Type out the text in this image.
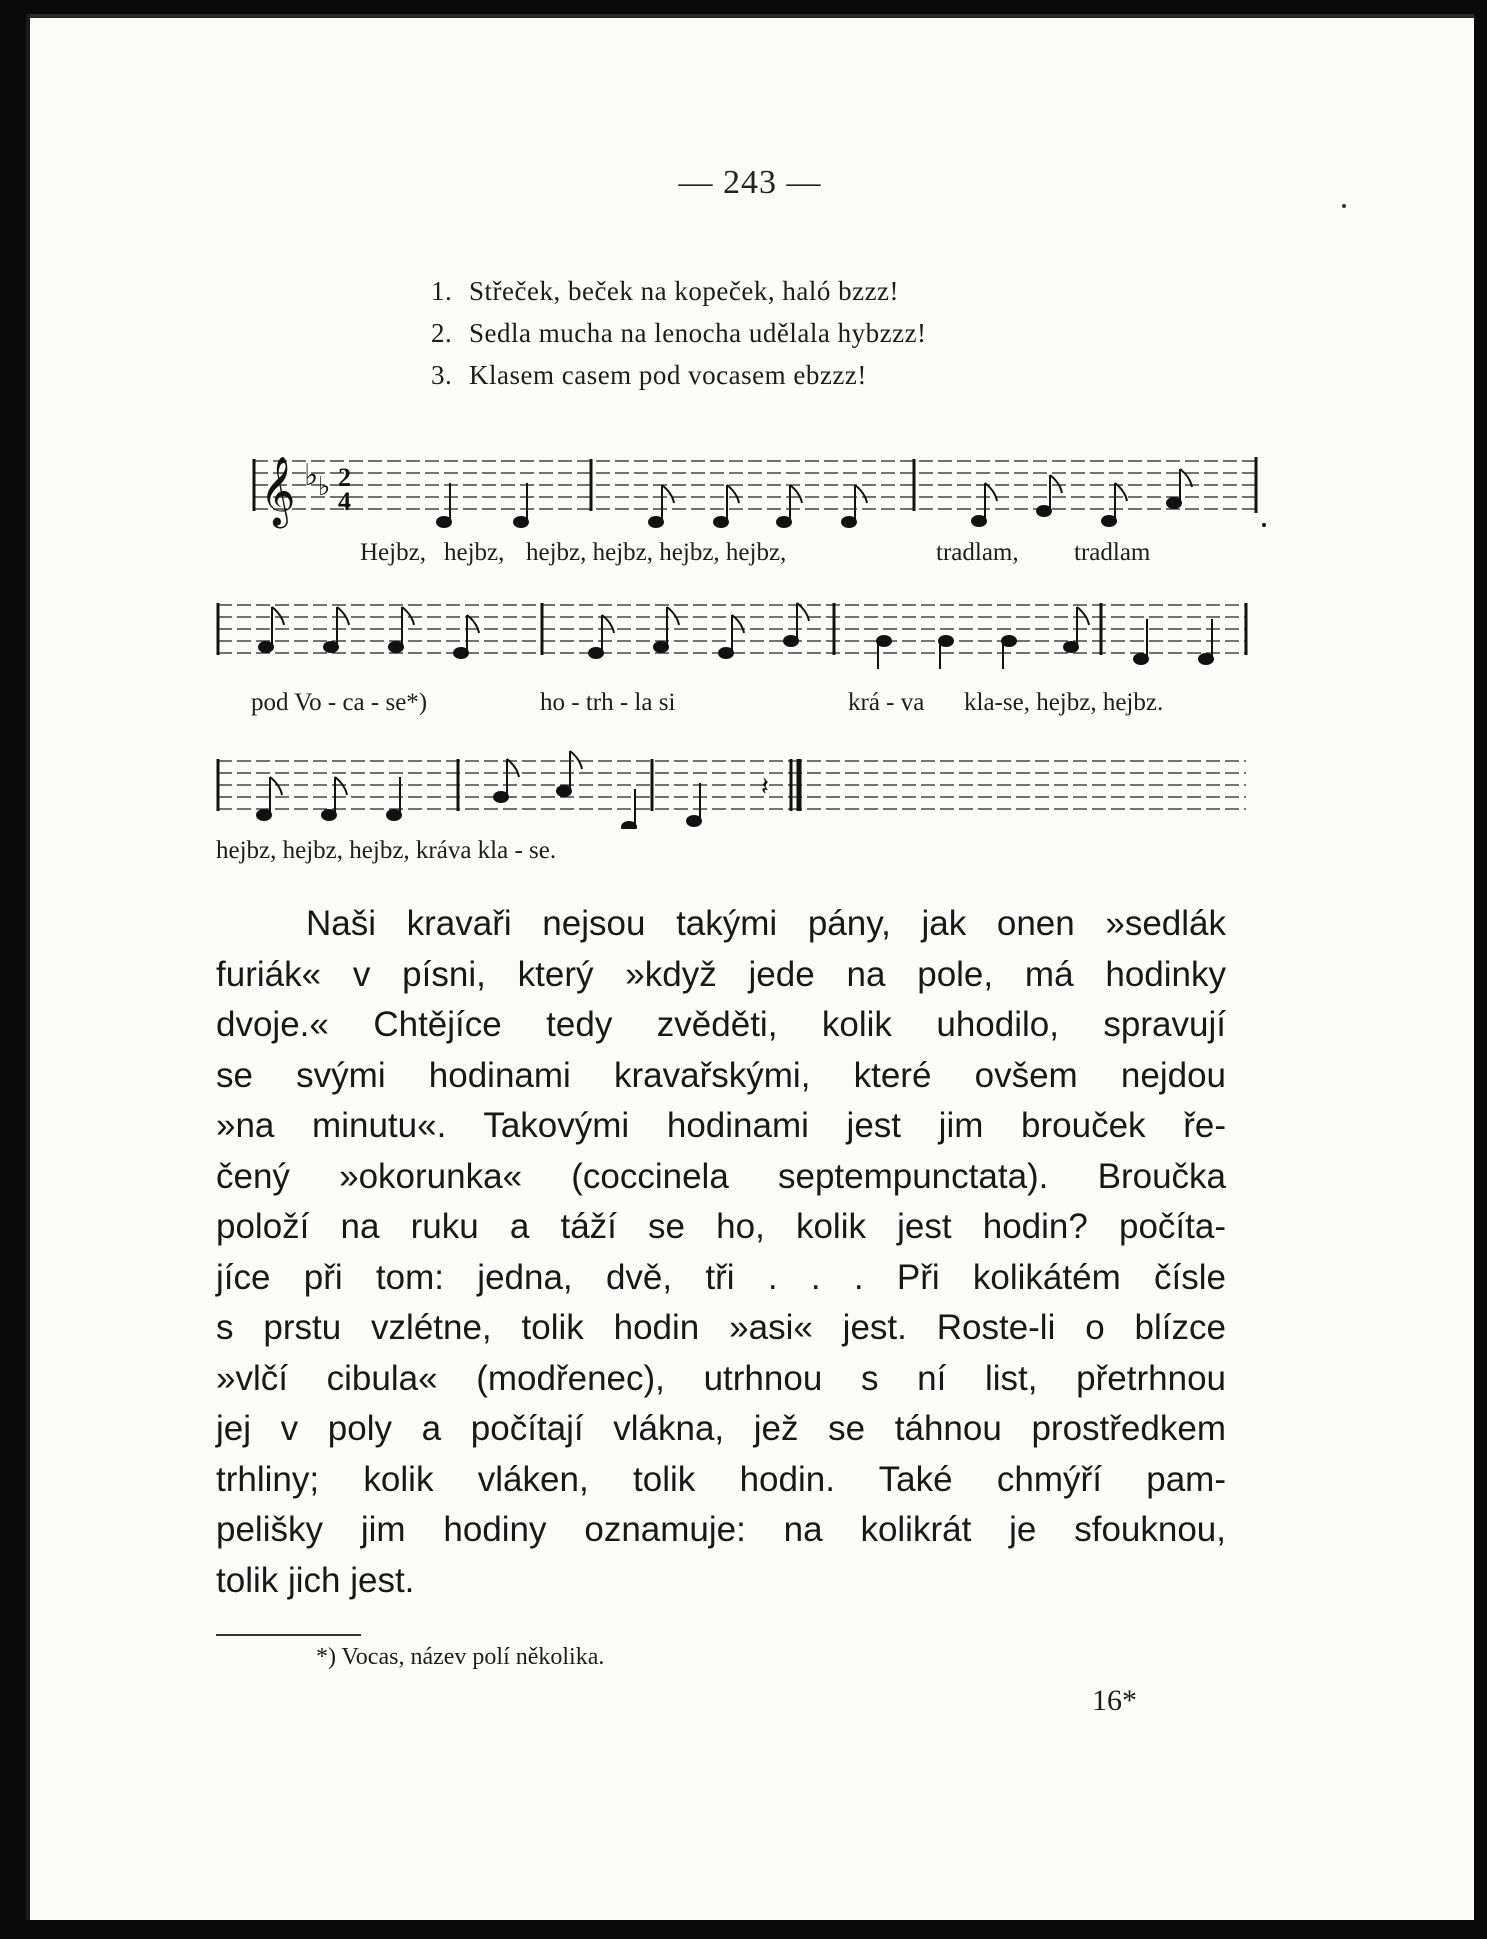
— 243 —
1. Střeček, beček na kopeček, haló bzzz!
2. Sedla mucha na lenocha udělala hybzzz!
3. Klasem casem pod vocasem ebzzz!
𝄞 ♭ ♭ 2
4
Hejbz, hejbz, hejbz, hejbz, hejbz, hejbz,	tradlam, tradlam
pod Vo - ca - se*)	ho - trh - la si	krá - va kla-se, hejbz, hejbz.
𝄽
hejbz, hejbz, hejbz, kráva kla - se.
Naši kravaři nejsou takými pány, jak onen »sedlák
furiák« v písni, který »když jede na pole, má hodinky
dvoje.« Chtějíce tedy zvěděti, kolik uhodilo, spravují
se svými hodinami kravařskými, které ovšem nejdou
»na minutu«. Takovými hodinami jest jim brouček ře-
čený »okorunka« (coccinela septempunctata). Broučka
položí na ruku a táží se ho, kolik jest hodin? počíta-
jíce při tom: jedna, dvě, tři . . . Při kolikátém čísle
s prstu vzlétne, tolik hodin »asi« jest. Roste-li o blízce
»vlčí cibula« (modřenec), utrhnou s ní list, přetrhnou
jej v poly a počítají vlákna, jež se táhnou prostředkem
trhliny; kolik vláken, tolik hodin. Také chmýří pam-
pelišky jim hodiny oznamuje: na kolikrát je sfouknou,
tolik jich jest.
*) Vocas, název polí několika.
16*
